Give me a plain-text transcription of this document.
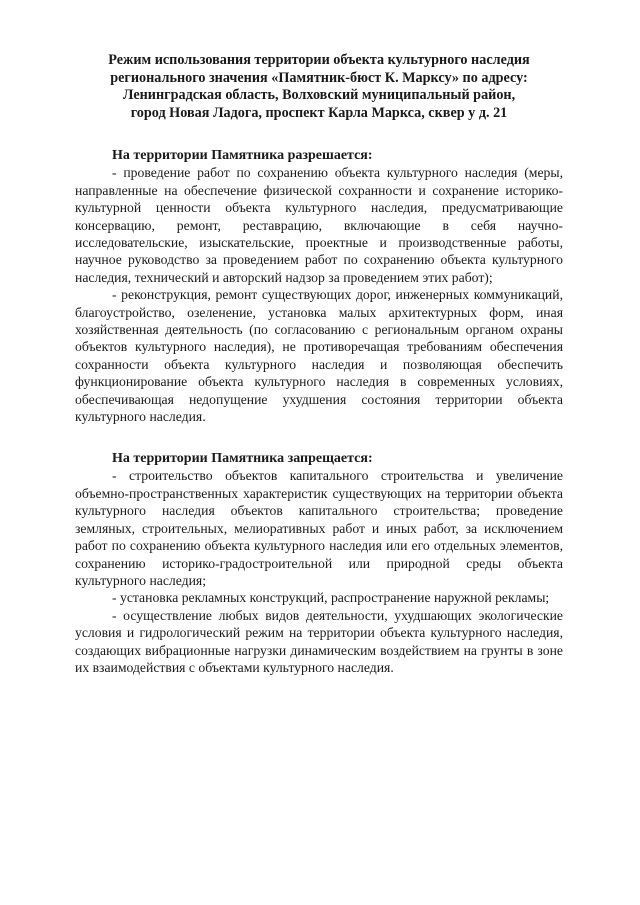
Режим использования территории объекта культурного наследия
регионального значения «Памятник-бюст К. Марксу» по адресу:
Ленинградская область, Волховский муниципальный район,
город Новая Ладога, проспект Карла Маркса, сквер у д. 21
На территории Памятника разрешается:

- проведение работ по сохранению объекта культурного наследия (меры, направленные на обеспечение физической сохранности и сохранение историко-культурной ценности объекта культурного наследия, предусматривающие консервацию, ремонт, реставрацию, включающие в себя научно-исследовательские, изыскательские, проектные и производственные работы, научное руководство за проведением работ по сохранению объекта культурного наследия, технический и авторский надзор за проведением этих работ);

- реконструкция, ремонт существующих дорог, инженерных коммуникаций, благоустройство, озеленение, установка малых архитектурных форм, иная хозяйственная деятельность (по согласованию с региональным органом охраны объектов культурного наследия), не противоречащая требованиям обеспечения сохранности объекта культурного наследия и позволяющая обеспечить функционирование объекта культурного наследия в современных условиях, обеспечивающая недопущение ухудшения состояния территории объекта культурного наследия.

На территории Памятника запрещается:

- строительство объектов капитального строительства и увеличение объемно-пространственных характеристик существующих на территории объекта культурного наследия объектов капитального строительства; проведение земляных, строительных, мелиоративных работ и иных работ, за исключением работ по сохранению объекта культурного наследия или его отдельных элементов, сохранению историко-градостроительной или природной среды объекта культурного наследия;

- установка рекламных конструкций, распространение наружной рекламы;

- осуществление любых видов деятельности, ухудшающих экологические условия и гидрологический режим на территории объекта культурного наследия, создающих вибрационные нагрузки динамическим воздействием на грунты в зоне их взаимодействия с объектами культурного наследия.
